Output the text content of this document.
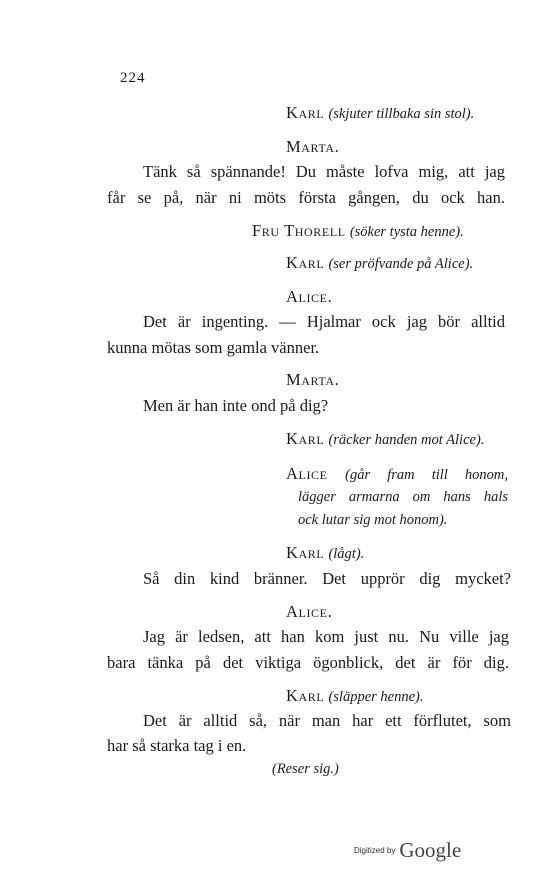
224
Karl (skjuter tillbaka sin stol).
Marta.
Tänk så spännande! Du måste lofva mig, att jag
får se på, när ni möts första gången, du ock han.
Fru Thorell (söker tysta henne).
Karl (ser pröfvande på Alice).
Alice.
Det är ingenting. — Hjalmar ock jag bör alltid
kunna mötas som gamla vänner.
Marta.
Men är han inte ond på dig?
Karl (räcker handen mot Alice).
Alice (går fram till honom,
lägger armarna om hans hals
ock lutar sig mot honom).
Karl (lågt).
Så din kind bränner. Det upprör dig mycket?
Alice.
Jag är ledsen, att han kom just nu. Nu ville jag
bara tänka på det viktiga ögonblick, det är för dig.
Karl (släpper henne).
Det är alltid så, när man har ett förflutet, som
har så starka tag i en.
(Reser sig.)
Digitized by Google
